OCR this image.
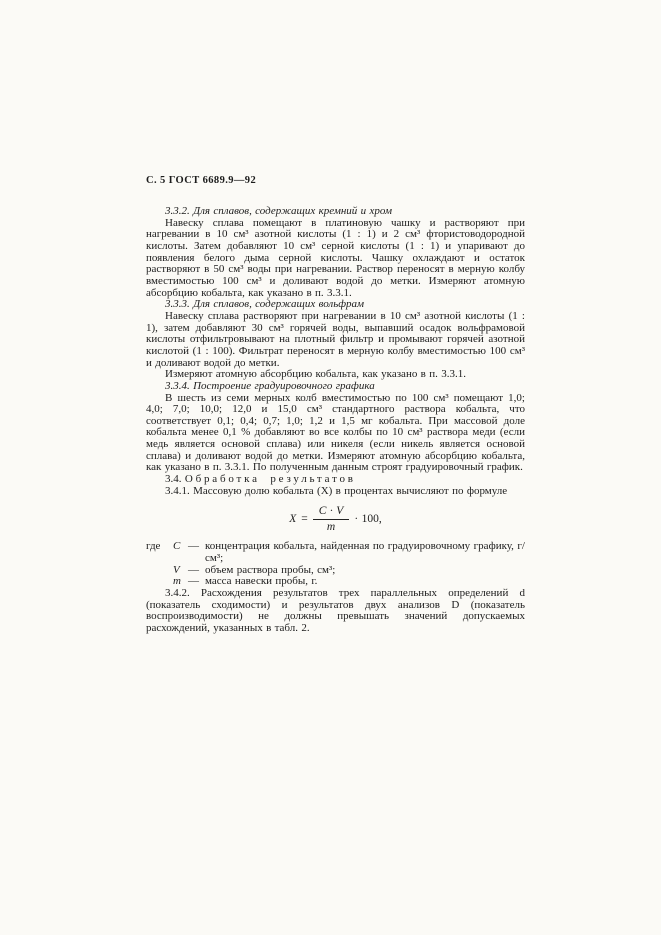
С. 5 ГОСТ 6689.9—92

3.3.2. Для сплавов, содержащих кремний и хром

Навеску сплава помещают в платиновую чашку и растворяют при нагревании в 10 см³ азотной кислоты (1 : 1) и 2 см³ фтористоводородной кислоты. Затем добавляют 10 см³ серной кислоты (1 : 1) и упаривают до появления белого дыма серной кислоты. Чашку охлаждают и остаток растворяют в 50 см³ воды при нагревании. Раствор переносят в мерную колбу вместимостью 100 см³ и доливают водой до метки. Измеряют атомную абсорбцию кобальта, как указано в п. 3.3.1.

3.3.3. Для сплавов, содержащих вольфрам

Навеску сплава растворяют при нагревании в 10 см³ азотной кислоты (1 : 1), затем добавляют 30 см³ горячей воды, выпавший осадок вольфрамовой кислоты отфильтровывают на плотный фильтр и промывают горячей азотной кислотой (1 : 100). Фильтрат переносят в мерную колбу вместимостью 100 см³ и доливают водой до метки.

Измеряют атомную абсорбцию кобальта, как указано в п. 3.3.1.

3.3.4. Построение градуировочного графика

В шесть из семи мерных колб вместимостью по 100 см³ помещают 1,0; 4,0; 7,0; 10,0; 12,0 и 15,0 см³ стандартного раствора кобальта, что соответствует 0,1; 0,4; 0,7; 1,0; 1,2 и 1,5 мг кобальта. При массовой доле кобальта менее 0,1 % добавляют во все колбы по 10 см³ раствора меди (если медь является основой сплава) или никеля (если никель является основой сплава) и доливают водой до метки. Измеряют атомную абсорбцию кобальта, как указано в п. 3.3.1. По полученным данным строят градуировочный график.

3.4. Обработка результатов

3.4.1. Массовую долю кобальта (X) в процентах вычисляют по формуле

$X = \frac{C \cdot V}{m} \cdot 100$,
где	C — концентрация кобальта, найденная по градуировочному графику, г/см³;
V — объем раствора пробы, см³;
m — масса навески пробы, г.

3.4.2. Расхождения результатов трех параллельных определений d (показатель сходимости) и результатов двух анализов D (показатель воспроизводимости) не должны превышать значений допускаемых расхождений, указанных в табл. 2.
